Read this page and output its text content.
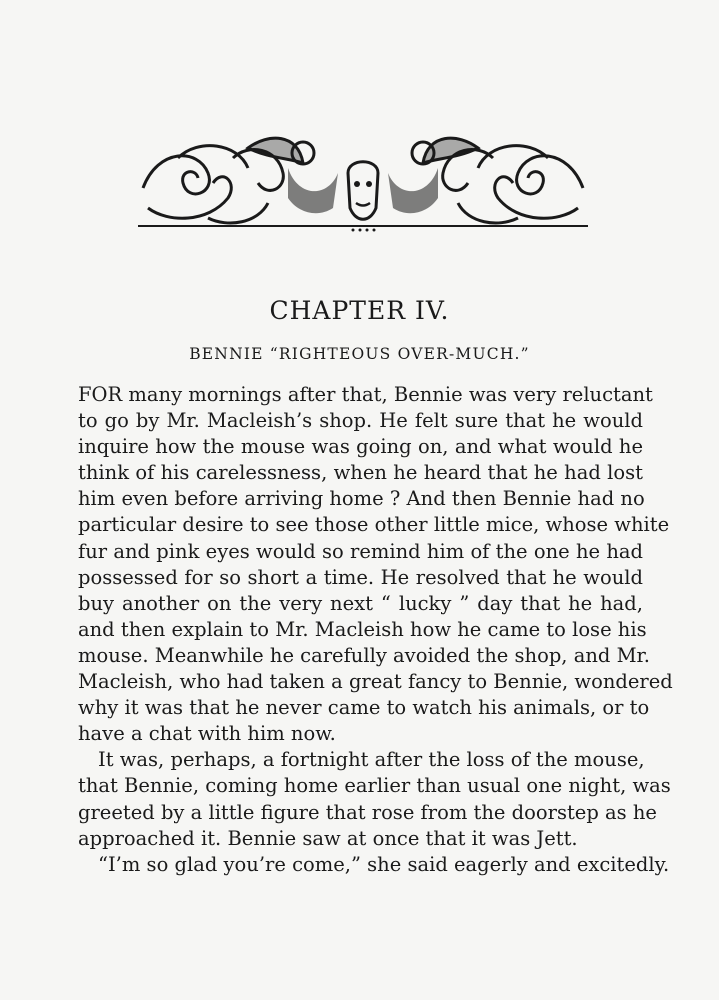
CHAPTER IV.
BENNIE “RIGHTEOUS OVER-MUCH.”
FOR many mornings after that, Bennie was very reluctant
to go by Mr. Macleish’s shop. He felt sure that he would
inquire how the mouse was going on, and what would he
think of his carelessness, when he heard that he had lost
him even before arriving home ? And then Bennie had no
particular desire to see those other little mice, whose white
fur and pink eyes would so remind him of the one he had
possessed for so short a time. He resolved that he would
buy another on the very next “ lucky ” day that he had,
and then explain to Mr. Macleish how he came to lose his
mouse. Meanwhile he carefully avoided the shop, and Mr.
Macleish, who had taken a great fancy to Bennie, wondered
why it was that he never came to watch his animals, or to
have a chat with him now.
It was, perhaps, a fortnight after the loss of the mouse,
that Bennie, coming home earlier than usual one night, was
greeted by a little figure that rose from the doorstep as he
approached it. Bennie saw at once that it was Jett.
“I’m so glad you’re come,” she said eagerly and excitedly.
